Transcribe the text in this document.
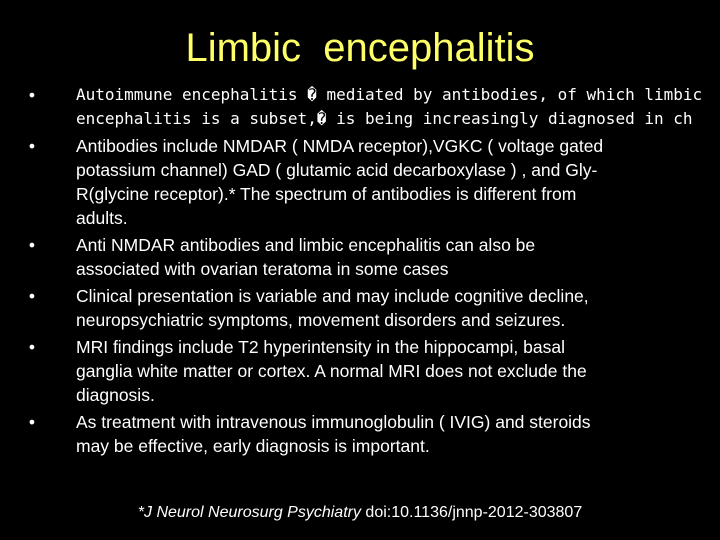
Limbic  encephalitis
•	Autoimmune encephalitis � mediated by antibodies, of which limbic
encephalitis is a subset,� is being increasingly diagnosed in ch
•	Antibodies include NMDAR ( NMDA receptor),VGKC ( voltage gated
potassium channel) GAD ( glutamic acid decarboxylase ) , and Gly-
R(glycine receptor).* The spectrum of antibodies is different from
adults.
•	Anti NMDAR antibodies and limbic encephalitis can also be
associated with ovarian teratoma in some cases
•	Clinical presentation is variable and may include cognitive decline,
neuropsychiatric symptoms, movement disorders and seizures.
•	MRI findings include T2 hyperintensity in the hippocampi, basal
ganglia white matter or cortex. A normal MRI does not exclude the
diagnosis.
•	As treatment with intravenous immunoglobulin ( IVIG) and steroids
may be effective, early diagnosis is important.
*J Neurol Neurosurg Psychiatry doi:10.1136/jnnp-2012-303807
